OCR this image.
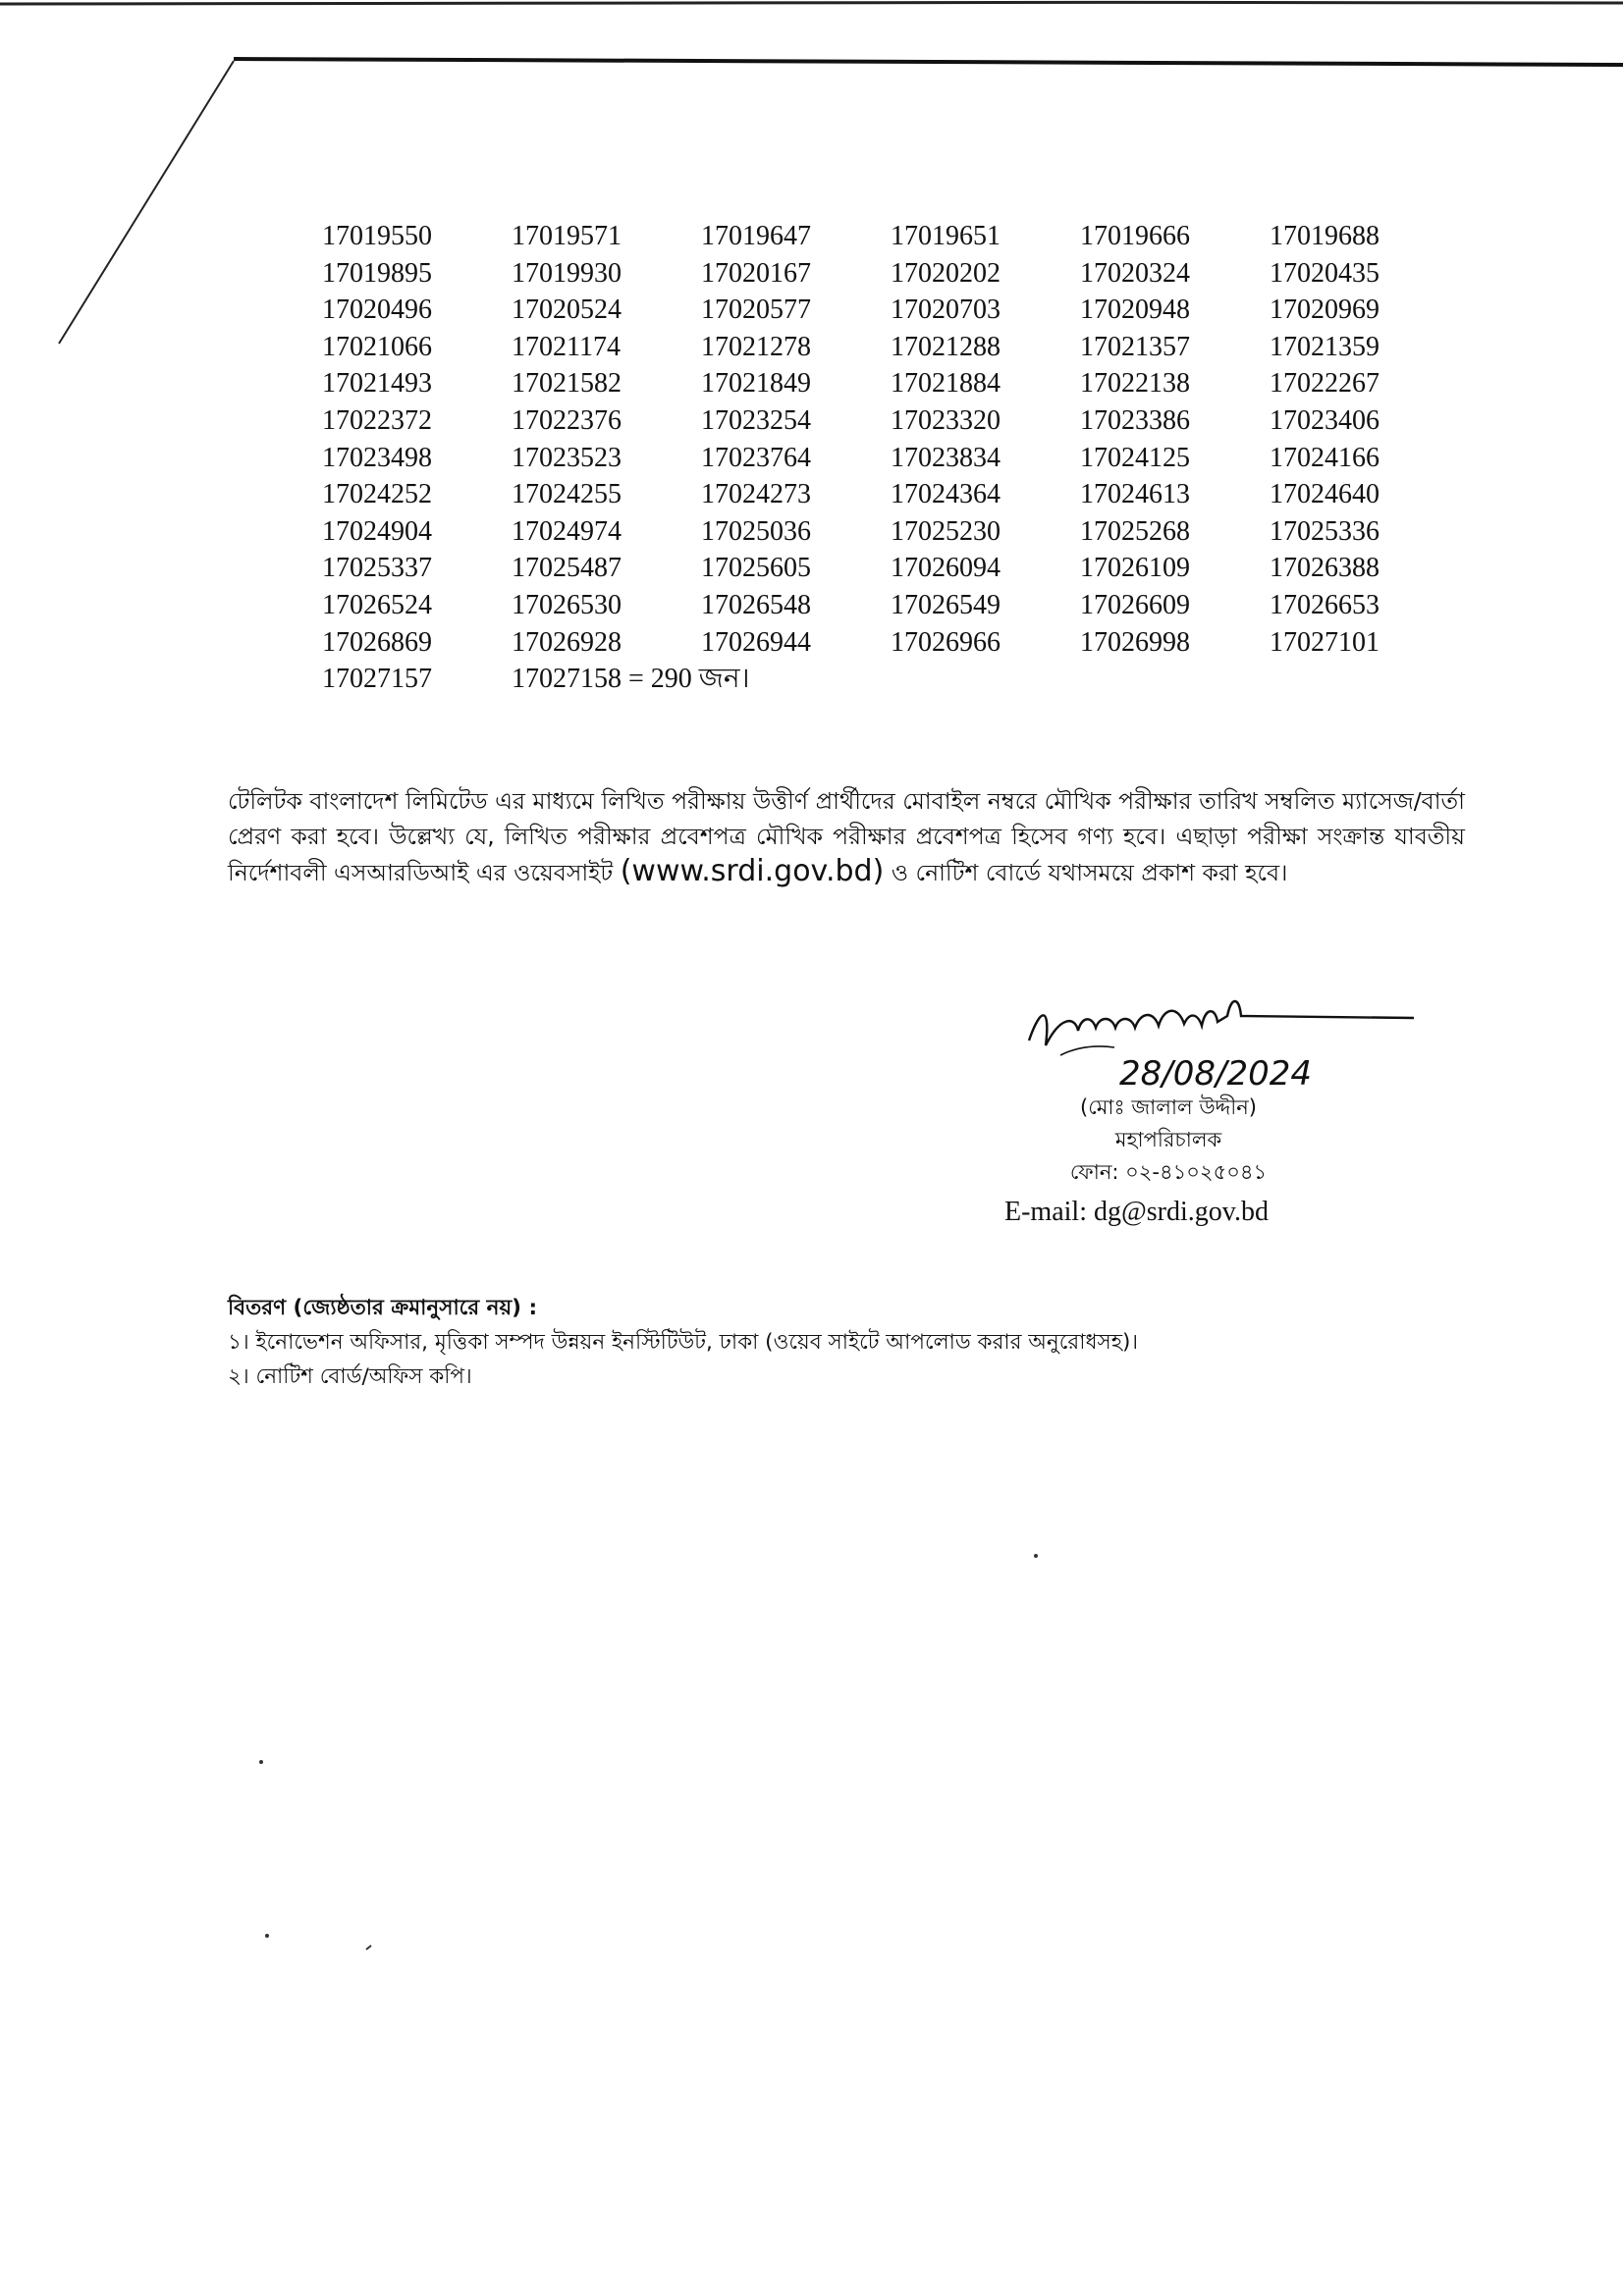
17019550	17019571	17019647	17019651	17019666	17019688
17019895	17019930	17020167	17020202	17020324	17020435
17020496	17020524	17020577	17020703	17020948	17020969
17021066	17021174	17021278	17021288	17021357	17021359
17021493	17021582	17021849	17021884	17022138	17022267
17022372	17022376	17023254	17023320	17023386	17023406
17023498	17023523	17023764	17023834	17024125	17024166
17024252	17024255	17024273	17024364	17024613	17024640
17024904	17024974	17025036	17025230	17025268	17025336
17025337	17025487	17025605	17026094	17026109	17026388
17026524	17026530	17026548	17026549	17026609	17026653
17026869	17026928	17026944	17026966	17026998	17027101
17027157	17027158 = 290 জন।
টেলিটক বাংলাদেশ লিমিটেড এর মাধ্যমে লিখিত পরীক্ষায় উত্তীর্ণ প্রার্থীদের মোবাইল নম্বরে মৌখিক পরীক্ষার তারিখ সম্বলিত ম্যাসেজ/বার্তা প্রেরণ করা হবে। উল্লেখ্য যে, লিখিত পরীক্ষার প্রবেশপত্র মৌখিক পরীক্ষার প্রবেশপত্র হিসেব গণ্য হবে। এছাড়া পরীক্ষা সংক্রান্ত যাবতীয় নির্দেশাবলী এসআরডিআই এর ওয়েবসাইট (www.srdi.gov.bd) ও নোটিশ বোর্ডে যথাসময়ে প্রকাশ করা হবে।
28/08/2024
(মোঃ জালাল উদ্দীন)
মহাপরিচালক
ফোন: ০২-৪১০২৫০৪১
E-mail: dg@srdi.gov.bd
বিতরণ (জ্যেষ্ঠতার ক্রমানুসারে নয়) :
১। ইনোভেশন অফিসার, মৃত্তিকা সম্পদ উন্নয়ন ইনস্টিটিউট, ঢাকা (ওয়েব সাইটে আপলোড করার অনুরোধসহ)।
২। নোটিশ বোর্ড/অফিস কপি।
